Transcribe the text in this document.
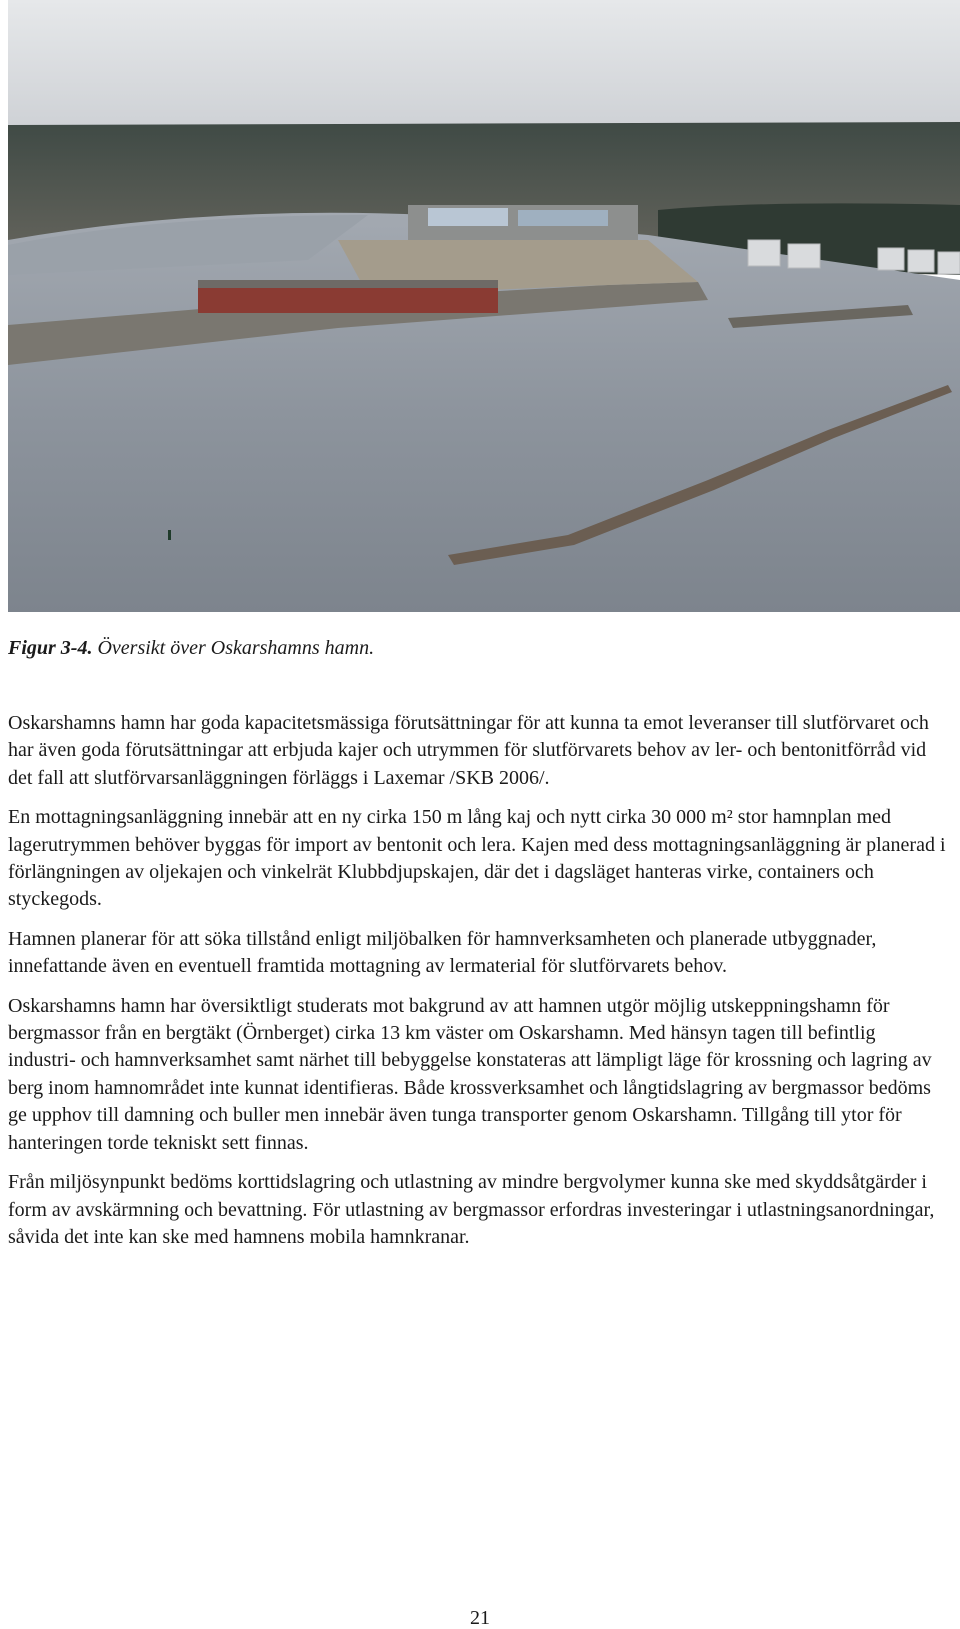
Figur 3-4. Översikt över Oskarshamns hamn.

Oskarshamns hamn har goda kapacitetsmässiga förutsättningar för att kunna ta emot leveranser till slutförvaret och har även goda förutsättningar att erbjuda kajer och utrymmen för slutförvarets behov av ler- och bentonitförråd vid det fall att slutförvarsanläggningen förläggs i Laxemar /SKB 2006/.

En mottagningsanläggning innebär att en ny cirka 150 m lång kaj och nytt cirka 30 000 m² stor hamnplan med lagerutrymmen behöver byggas för import av bentonit och lera. Kajen med dess mottagningsanläggning är planerad i förlängningen av oljekajen och vinkelrät Klubbdjupskajen, där det i dagsläget hanteras virke, containers och styckegods.

Hamnen planerar för att söka tillstånd enligt miljöbalken för hamnverksamheten och planerade utbyggnader, innefattande även en eventuell framtida mottagning av lermaterial för slutförvarets behov.

Oskarshamns hamn har översiktligt studerats mot bakgrund av att hamnen utgör möjlig utskeppningshamn för bergmassor från en bergtäkt (Örnberget) cirka 13 km väster om Oskarshamn. Med hänsyn tagen till befintlig industri- och hamnverksamhet samt närhet till bebyggelse konstateras att lämpligt läge för krossning och lagring av berg inom hamnområdet inte kunnat identifieras. Både krossverksamhet och långtidslagring av bergmassor bedöms ge upphov till damning och buller men innebär även tunga transporter genom Oskarshamn. Tillgång till ytor för hanteringen torde tekniskt sett finnas.

Från miljösynpunkt bedöms korttidslagring och utlastning av mindre bergvolymer kunna ske med skyddsåtgärder i form av avskärmning och bevattning. För utlastning av bergmassor erfordras investeringar i utlastningsanordningar, såvida det inte kan ske med hamnens mobila hamnkranar.

21
